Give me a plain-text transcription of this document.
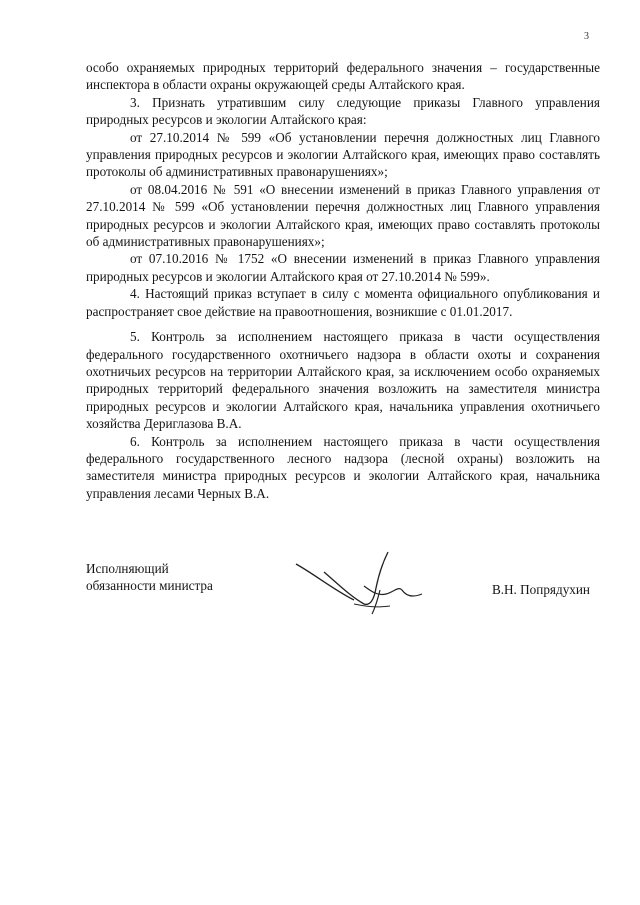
3

особо охраняемых природных территорий федерального значения – государственные инспектора в области охраны окружающей среды Алтайского края.

3. Признать утратившим силу следующие приказы Главного управления природных ресурсов и экологии Алтайского края:

от 27.10.2014 № 599 «Об установлении перечня должностных лиц Главного управления природных ресурсов и экологии Алтайского края, имеющих право составлять протоколы об административных правонарушениях»;

от 08.04.2016 № 591 «О внесении изменений в приказ Главного управления от 27.10.2014 № 599 «Об установлении перечня должностных лиц Главного управления природных ресурсов и экологии Алтайского края, имеющих право составлять протоколы об административных правонарушениях»;

от 07.10.2016 № 1752 «О внесении изменений в приказ Главного управления природных ресурсов и экологии Алтайского края от 27.10.2014 № 599».

4. Настоящий приказ вступает в силу с момента официального опубликования и распространяет свое действие на правоотношения, возникшие с 01.01.2017.

5. Контроль за исполнением настоящего приказа в части осуществления федерального государственного охотничьего надзора в области охоты и сохранения охотничьих ресурсов на территории Алтайского края, за исключением особо охраняемых природных территорий федерального значения возложить на заместителя министра природных ресурсов и экологии Алтайского края, начальника управления охотничьего хозяйства Дериглазова В.А.

6. Контроль за исполнением настоящего приказа в части осуществления федерального государственного лесного надзора (лесной охраны) возложить на заместителя министра природных ресурсов и экологии Алтайского края, начальника управления лесами Черных В.А.

Исполняющий
обязанности министра	В.Н. Попрядухин
